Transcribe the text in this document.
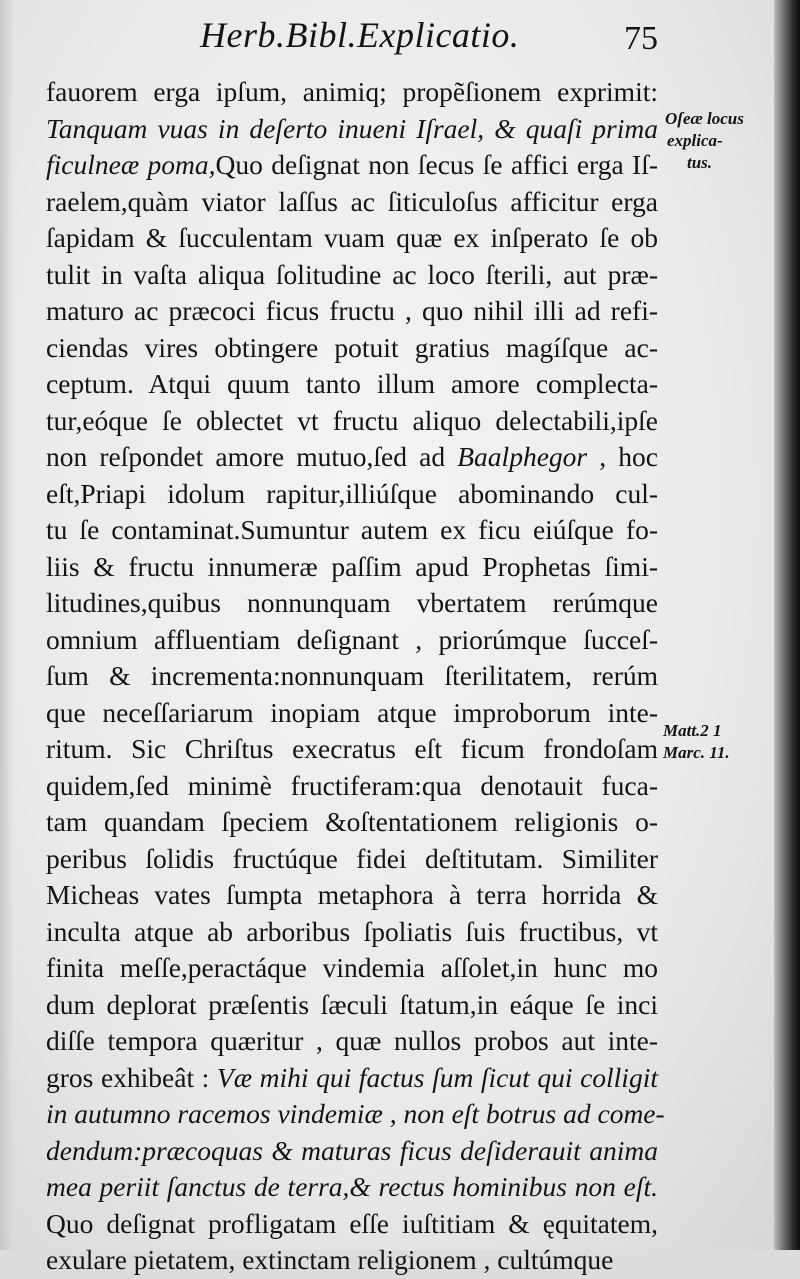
Herb.Bibl.Explicatio.	75
fauorem erga ipſum, animiq; propẽſionem exprimit:
Tanquam vuas in deſerto inueni Iſrael, & quaſi prima
ficulneæ poma,Quo deſignat non ſecus ſe affici erga Iſ-
raelem,quàm viator laſſus ac ſiticuloſus afficitur erga
ſapidam & ſucculentam vuam quæ ex inſperato ſe ob
tulit in vaſta aliqua ſolitudine ac loco ſterili, aut præ-
maturo ac præcoci ficus fructu , quo nihil illi ad refi-
ciendas vires obtingere potuit gratius magíſque ac-
ceptum. Atqui quum tanto illum amore complecta-
tur,eóque ſe oblectet vt fructu aliquo delectabili,ipſe
non reſpondet amore mutuo,ſed ad Baalphegor , hoc
eſt,Priapi idolum rapitur,illiúſque abominando cul-
tu ſe contaminat.Sumuntur autem ex ficu eiúſque fo-
liis & fructu innumeræ paſſim apud Prophetas ſimi-
litudines,quibus nonnunquam vbertatem rerúmque
omnium affluentiam deſignant , priorúmque ſucceſ-
ſum & incrementa:nonnunquam ſterilitatem, rerúm
que neceſſariarum inopiam atque improborum inte-
ritum. Sic Chriſtus execratus eſt ficum frondoſam
quidem,ſed minimè fructiferam:qua denotauit fuca-
tam quandam ſpeciem &oſtentationem religionis o-
peribus ſolidis fructúque fidei deſtitutam. Similiter
Micheas vates ſumpta metaphora à terra horrida &
inculta atque ab arboribus ſpoliatis ſuis fructibus, vt
finita meſſe,peractáque vindemia aſſolet,in hunc mo
dum deplorat præſentis ſæculi ſtatum,in eáque ſe inci
diſſe tempora quæritur , quæ nullos probos aut inte-
gros exhibeât : Væ mihi qui factus ſum ſicut qui colligit
in autumno racemos vindemiæ , non eſt botrus ad come-
dendum:præcoquas & maturas ficus deſiderauit anima
mea periit ſanctus de terra,& rectus hominibus non eſt.
Quo deſignat profligatam eſſe iuſtitiam & ęquitatem,
exulare pietatem, extinctam religionem , cultúmque
Oſeæ locus
explica-
tus.
Matt.2 1
Marc. 11.
